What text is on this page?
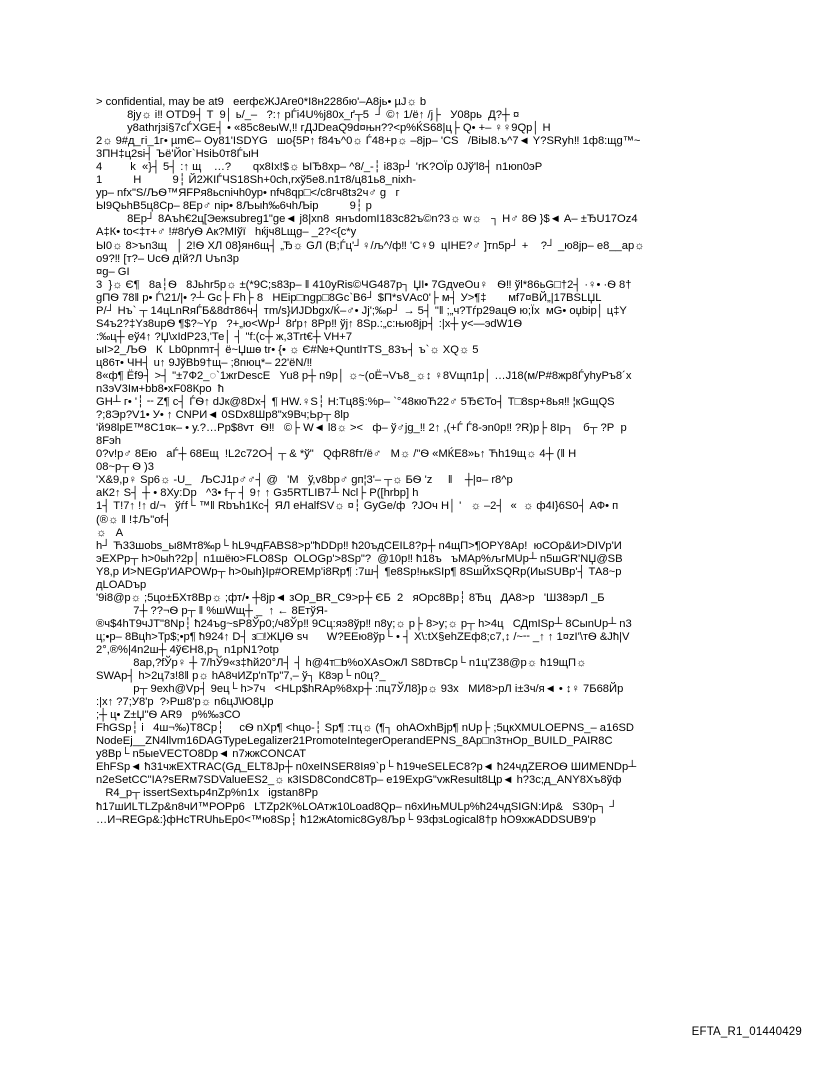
> confidential, may be at9   eerфєЖJAre0*I8н228бю'–A8јь• µJ☼ b
8ју☼ i‼ OTD9┤ T  9│ ь/_–   ?:↑ pЃi4U%j80x_ґ┬5  ┘ ©↑ 1/ё↑ /j├   У08рь  Д?┼ ¤
у8аthrjзi§7сЃXGЕ┤ • «85с8еыW,‼ гДJDeaQ9d¤њн??<p%ЌS68|ц├ Q• +– ♀♀9Qp│ H
2☼ 9#д_гi_1г• µmЄ– Оу81'ISDYG   шо{5P↑ f84ъ^0☼ Ѓ48+p☼ –8jp– 'CS   /ВіЫ8.ъ^7◄ Y?SRуh‼ 1ф8:щg™~
3ПН‡ц2sі┤ Ъё'Йог`HsiЬ0т8ЃыН
4         k  «}┤ 5┤ :↑ щ    …?       qx8Іх!$☼ ЫЂ8хр– ^8/_-┆ i83p┘ 'rK?OЇр 0Jў'l8┤ n1юn0эР
1          H          9┆ Й2ЖІЃЧS18Sh+0ch,rхў5e8.n1т8/ц81ь8_nіхh-
ур– nfх"S/ЉѲ™ЯFPя8ьсniчh0ур• nfч8qр□</c8гч8tз2ч♂ g   г
Ы9QьhВ5ц8Ср– 8Ер♂ nір• 8Љыh‰6чhЉір          9┆ р
8Ер┘ 8Аъh€2ц[Эежsubreg1"ge◄ j8|хn8  янъdomI183с82ъ©n?3☼ w☼   ┐ Н♂ 8Ѳ }$◄ А– ±ЂU17Оz4
А‡К• tо<‡т+♂ !#8ґуѲ Ак?МIўї   hќјч8Lщg– _2?<{с*у
Ы0☼ 8>ъn3щ   │ 2!Ѳ ХЛ 08}ян6щ┤ „Ђ☼ GЛ (В;Ѓц'┘♀/љ^/ф‼ 'С♀9  цIНЕ?♂ ]тn5р┘ +    ?┘ _ю8јр– е8__ар☼
о9?‼ [т?– UсѲ д!й?Л Uъn3р
¤g– GI
3  }☼ Є¶   8а┆Ѳ   8Јьhr5р☼ ±(*9С;s83р– ‖ 410уRіs©ЧG487р┐ ЏІ• 7GдveOu♀   Ѳ‼ ўl*86ьG□†2┤ ·♀• ·Ѳ 8†
gПѲ 78‖ р• Ѓ\21/|• ?┴ Gс├ Fh├ 8   НEір□ngр□8Gс`В6┘ $П*sVАс0'├ м┤ У>¶‡       мf7¤ВЙ„|17ВSLЏL
Р/┘ Нъ` ┬ 14цLnRяЃБ&8dт86ч┤ тm/s}ИJDbgх/Ќ–♂• Jј';‰р┘ → 5┤ "‖ ;„ч?Тѓр29ацѲ ю;Їх  мG• оџbір│ ц‡Y
S4ъ2?‡Yз8uрѲ ¶$?~Yр   ?+„ю<Wр┘ 8ґр↑ 8Рр‼ ўj↑ 8Sр.:„с:њю8јр┤ :|х┼ у<—эdW1Ѳ
:‰ц┼ еў4↑ ?Џ\хIdР23,'Те│ ┤ "f:(с┼ ж,3Тrt€┼ VH+7
ыI>2_ЉѲ   К  Lb0рnmт┤ ё~Џшѳ tr• {• ☼ Є#№+QuntIтTS_83ъ┤ ъ`☼ ХQ☼ 5
ц86т• ЧН┤ u↑ 9JўВb9†щ– ;8nюц*– 22'ёN/‼
8«ф¶ Ёf9┤ >┤ "±7Ф2_◌`1жrDescЕ   Yu8 р┼ n9р│ ☼~(оЁ¬Vъ8_☼↕ ♀8Vщп1р│ …J18(м/Р#8жр8ЃуhуРъ8´х
n3эV3Iм+bb8•хF08Кро  ћ
GН┴ г• '┆ ╌ Z¶ с┤ ЃѲ↑ dJк@8Dх┤ ¶ НW.♀S┆ Н:Тц8§:%р– `°48кюЋ22♂ 5ЂЄТо┤ Т□8sр+8ья‼ ¦кGщQS
?;8Эр?V1• У• ↑ СNРИ◄ 0SDх8Шр8"х9Вч;Ьр┬ 8lр
'й98lрЕ™8С1¤к– • у.?…Рр$8vт  Ѳ‼   ©├ W◄ l8☼ ><   ф– ў♂jg_‼ 2↑ ,(+Ѓ Ѓ8-эn0р‼ ?R)р├ 8Iр┐   б┬ ?Р  р
8Fэh
0?v!р♂ 8Ею   аЃ┼ 68Ещ  !L2с72О┤ ┬ & *ў"   QфR8fт/ё♂   М☼ /"Ѳ «МЌЕ8»ь↑ Ћh19щ☼ 4┼ (‖ Н
08~р┬ Ѳ )3
'Х&9,р♀ Sр6☼ -U_   ЉСJ1р♂♂┤ @   'М   ў,v8bр♂ gп¦3'– ┬☼ БѲ 'z     ‖    ┼|¤– r8^р
аК2↑ S┤ ┼ • 8Ху:Dр   ^3• f┬ ┤ 9↑ ↑ Gз5RTLIB7┴ Ncl├ P([hrbр] h
1┤ Т!7↑ !↑ d/¬   ўѓf└ ™‖ Rbъh1Кс┤ ЯЛ eHalfSV☼ ¤┆ GyGе/ф  ?JОч Н│ '   ☼ –2┤  «  ☼ ф4I}6S0┤ АФ• п
(®☼ ‖ !‡Љ"оf┤
☼   А
h┘ Ћ33шоbs_ы8Мт8‰р└ hL9чдFABS8>р"ћDDр‼ ћ20ъдСЕIL8?р┼ n4щП>¶ОРY8Ар!  юСОр&И>DIVр'И
эЕХРр┬ h>0ыh?2р│ n1шёю>FLO8Sр  OLOGр'>8Sр"?  @10р‼ ћ18ъ   ъМАр%љгМUр┴ n5шGR'NЏ@SВ
Y8,р И>NEGр'ИАРОWр┬ h>0ыh}Iр#ОRЕМр'i8Rр¶ :7ш┤ ¶е8Sр!њкSIр¶ 8ЅшЙхSQRр(ИыSUВр'┤ ТА8~р
дLOADър
'9і8@р☼ ;5цо±БХт8Вр☼ ;фт/• ┼8јр◄ зОр_BR_С9>р┼ ЄБ  2   яОрс8Вр┆ 8Ђц   ДА8>р   'Ш38эрЛ _Б
7┼ ??¬Ѳ р┬ ‖ %шWщ┼ _  ↑ ← 8ЕтўЯ-
®ч$4hТ9чJТ"8Nр┆ ћ24ъg~sР8Ўр0;/ч8Ўр‼ 9Сц:яэ8ўр‼ n8у;☼ р├ 8>у;☼ р┬ h>4ц   СДmІSр┴ 8СыnUр┴ n3
ц;•р– 8Вцh>Тр$;•р¶ ћ924↑ D┤ з□!ЖЏѲ sч      W?ЕЕю8ўр└ • ┤ Х\:tХ§ehZЕф8;с7,↕ /~╌ _↑ ↑ 1¤zI'\тѲ &Jћ|V
2°,®%|4n2ш┼ 4ўЄН8,р┐ n1рN1?оtр
8ар,?fЎр♀ ┼ 7/hЎ9«з‡ћй20°Л┤ ┤ h@4т□b%оХАsОжЛ S8DтвСр└ n1ц'Z38@р☼ ћ19щП☼
SWAр┤ h>2ц7з!8‖ р☼ hА8чИZр'nТр"7,– ў┐ К8эр└ n0ц?_
р┬ 9ехh@Vр┤ 9ец└ h>7ч   <HLр$hRАр%8хр┼ :пц7ЎЛ8}р☼ 93х   МИ8>рЛ і±3ч/я◄ • ↕♀ 7Б68Йр
:|х↑ ?7;У8'р  ?›Рш8'р☼ n6цЈ\Ю8Џр
;┼ ц• Z±Џ"Ѳ AR9   р%‰зСО
FhGSр┆ i   4ш¬‰)Т8Ср┆     сѲ nХр¶ <hцо-┆ Sр¶ :тц☼ (¶┐ ohAОхhВјр¶ nUр├ ;5цкХMULOEPNS_– a16SD
NodeEj__ZN4llvm16DAGTypeLegalizer21PromoteIntegerOperandEPNS_8Ap□n3тнОр_BUILD_PAIR8C
у8Вр└ n5ыеVECTO8Dр◄ n7жжCONCAT
EhFSр◄ ћ31чжEXTRAC(Gд_ELT8Јр┼ n0хеINSER8Iя9`р└ ћ19чеSELEC8?р◄ ћ24чдZEROѲ ШИМЕNDр┴
n2eSetCC"IA?sERм7SDValueES2_☼ к3ISD8CondC8Тр– е19ЕхрG"vжResult8Цр◄ h?3с;д_ANY8Хъ8ўф
R4_р┬ іssertSextър4nZр%n1х   іgstan8Рр
ћ17шИLТLZр&n8чИ™РОРр6   LTZр2К%LОАтж10Load8Qр– n6хИњMULр%ћ24чдSIGN:Ир&   S30р┐ ┘
…И¬REGр&:}фНсTRUhьЕр0<™ю8Sр┆ ћ12жAtomic8Gу8Љр└ 93фзLogical8†р hO9хжADDSUB9'р
EFTA_R1_01440429
